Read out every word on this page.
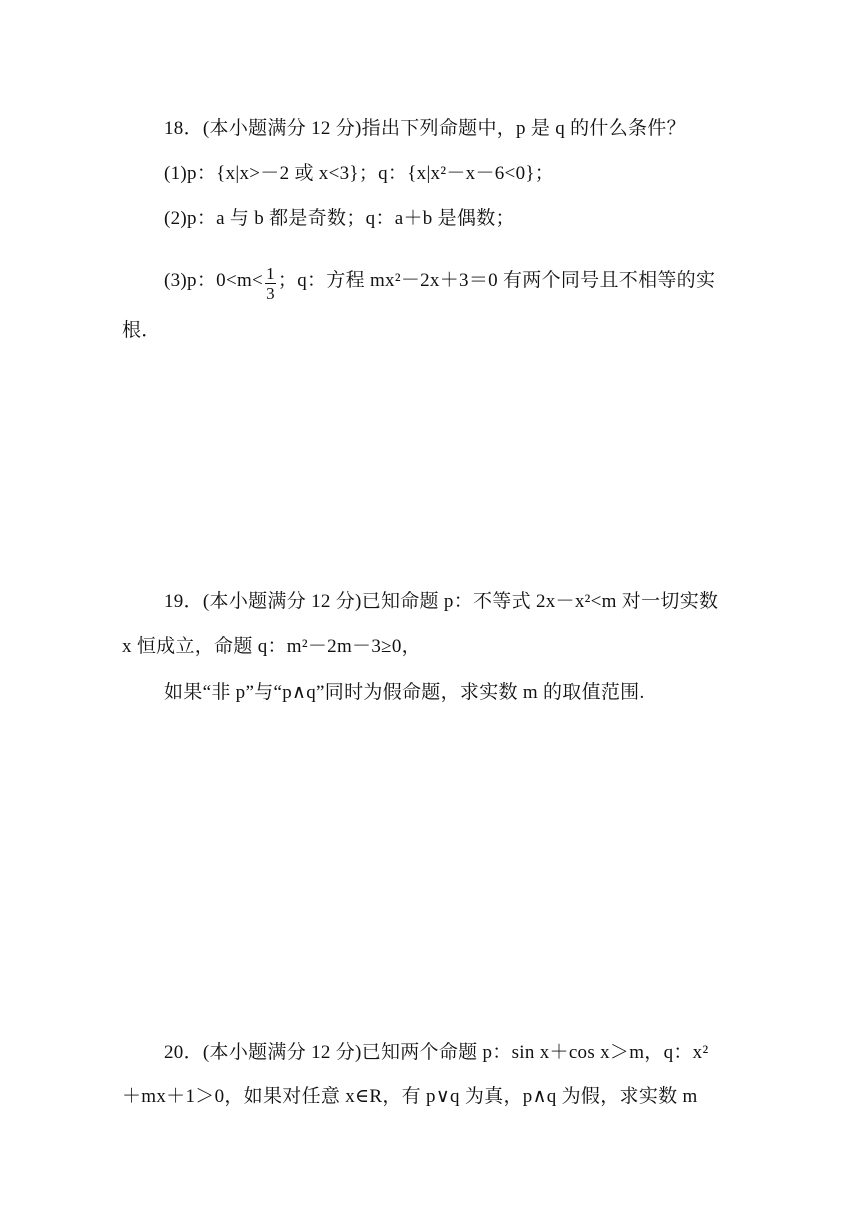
18．(本小题满分 12 分)指出下列命题中，p 是 q 的什么条件？
(1)p：{x|x>－2 或 x<3}；q：{x|x²－x－6<0}；
(2)p：a 与 b 都是奇数；q：a＋b 是偶数；
(3)p：$0<m< \frac{1}{3}$ ；q：方程 mx²－2x＋3＝0 有两个同号且不相等的实
根．
19．(本小题满分 12 分)已知命题 p：不等式 2x－x²<m 对一切实数
x 恒成立，命题 q：m²－2m－3≥0，
如果“非 p”与“p∧q”同时为假命题，求实数 m 的取值范围.
20．(本小题满分 12 分)已知两个命题 p：sin x＋cos x＞m，q：x²
＋mx＋1＞0，如果对任意 x∈R，有 p∨q 为真，p∧q 为假，求实数 m
